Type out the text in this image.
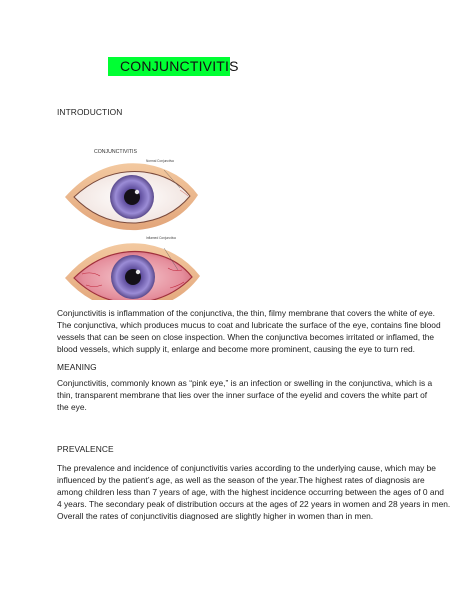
CONJUNCTIVITIS
INTRODUCTION
CONJUNCTIVITIS
Normal Conjunctiva
Inflamed Conjunctiva
Conjunctivitis is inflammation of the conjunctiva, the thin, filmy membrane that covers the white of eye.
The conjunctiva, which produces mucus to coat and lubricate the surface of the eye, contains fine blood
vessels that can be seen on close inspection. When the conjunctiva becomes irritated or inflamed, the
blood vessels, which supply it, enlarge and become more prominent, causing the eye to turn red.
MEANING
Conjunctivitis, commonly known as “pink eye,” is an infection or swelling in the conjunctiva, which is a
thin, transparent membrane that lies over the inner surface of the eyelid and covers the white part of
the eye.
PREVALENCE
The prevalence and incidence of conjunctivitis varies according to the underlying cause, which may be
influenced by the patient’s age, as well as the season of the year.The highest rates of diagnosis are
among children less than 7 years of age, with the highest incidence occurring between the ages of 0 and
4 years. The secondary peak of distribution occurs at the ages of 22 years in women and 28 years in men.
Overall the rates of conjunctivitis diagnosed are slightly higher in women than in men.
